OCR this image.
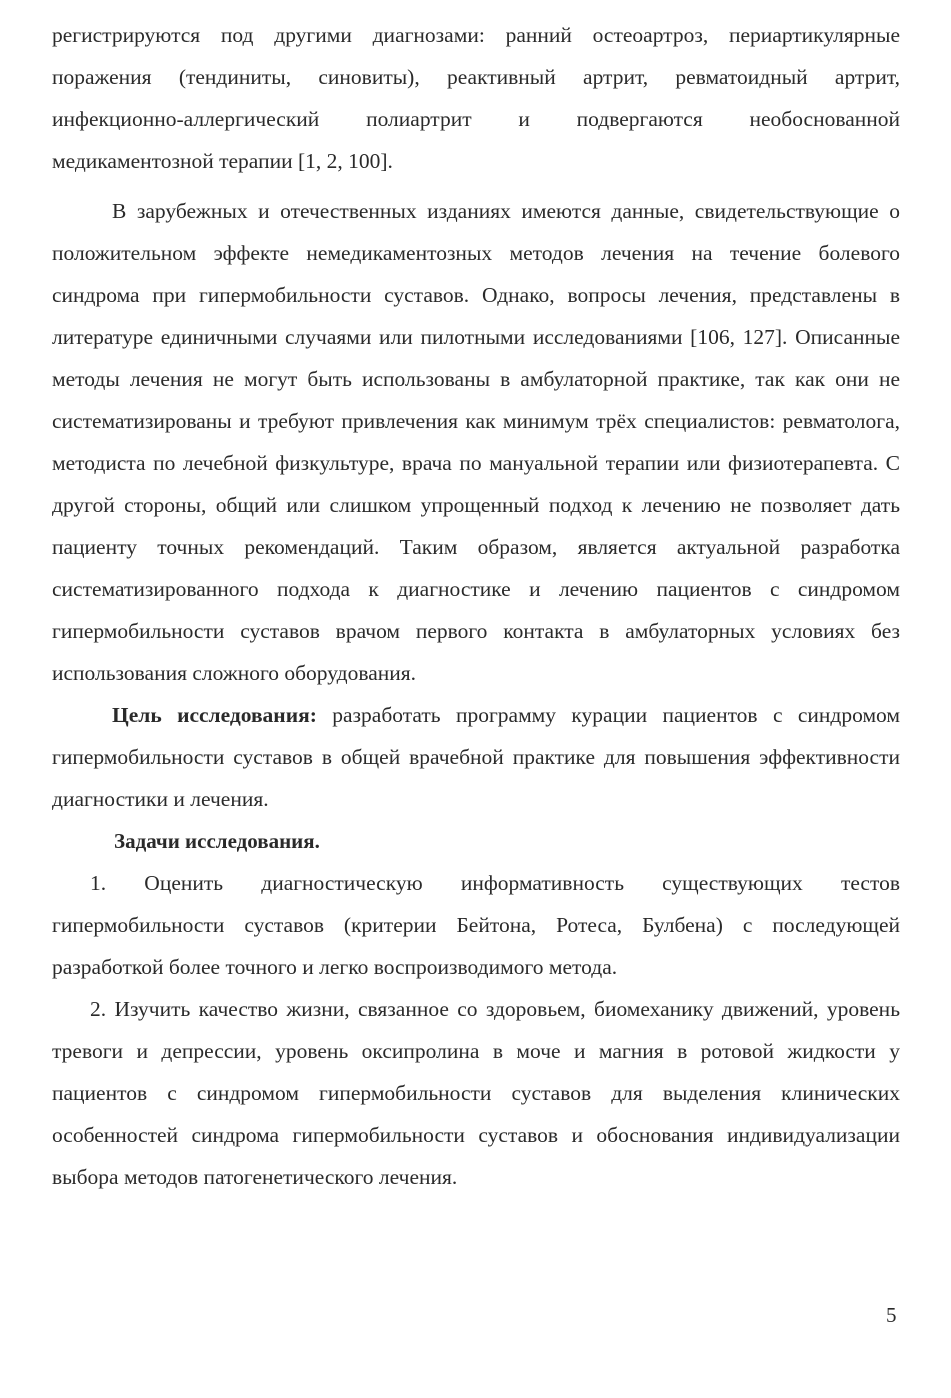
регистрируются под другими диагнозами: ранний остеоартроз, периартикулярные поражения (тендиниты, синовиты), реактивный артрит, ревматоидный артрит, инфекционно-аллергический полиартрит и подвергаются необоснованной медикаментозной терапии [1, 2, 100].

В зарубежных и отечественных изданиях имеются данные, свидетельствующие о положительном эффекте немедикаментозных методов лечения на течение болевого синдрома при гипермобильности суставов. Однако, вопросы лечения, представлены в литературе единичными случаями или пилотными исследованиями [106, 127]. Описанные методы лечения не могут быть использованы в амбулаторной практике, так как они не систематизированы и требуют привлечения как минимум трёх специалистов: ревматолога, методиста по лечебной физкультуре, врача по мануальной терапии или физиотерапевта. С другой стороны, общий или слишком упрощенный подход к лечению не позволяет дать пациенту точных рекомендаций. Таким образом, является актуальной разработка систематизированного подхода к диагностике и лечению пациентов с синдромом гипермобильности суставов врачом первого контакта в амбулаторных условиях без использования сложного оборудования.

Цель исследования: разработать программу курации пациентов с синдромом гипермобильности суставов в общей врачебной практике для повышения эффективности диагностики и лечения.

Задачи исследования.

1. Оценить диагностическую информативность существующих тестов гипермобильности суставов (критерии Бейтона, Ротеса, Булбена) с последующей разработкой более точного и легко воспроизводимого метода.

2. Изучить качество жизни, связанное со здоровьем, биомеханику движений, уровень тревоги и депрессии, уровень оксипролина в моче и магния в ротовой жидкости у пациентов с синдромом гипермобильности суставов для выделения клинических особенностей синдрома гипермобильности суставов и обоснования индивидуализации выбора методов патогенетического лечения.

5
